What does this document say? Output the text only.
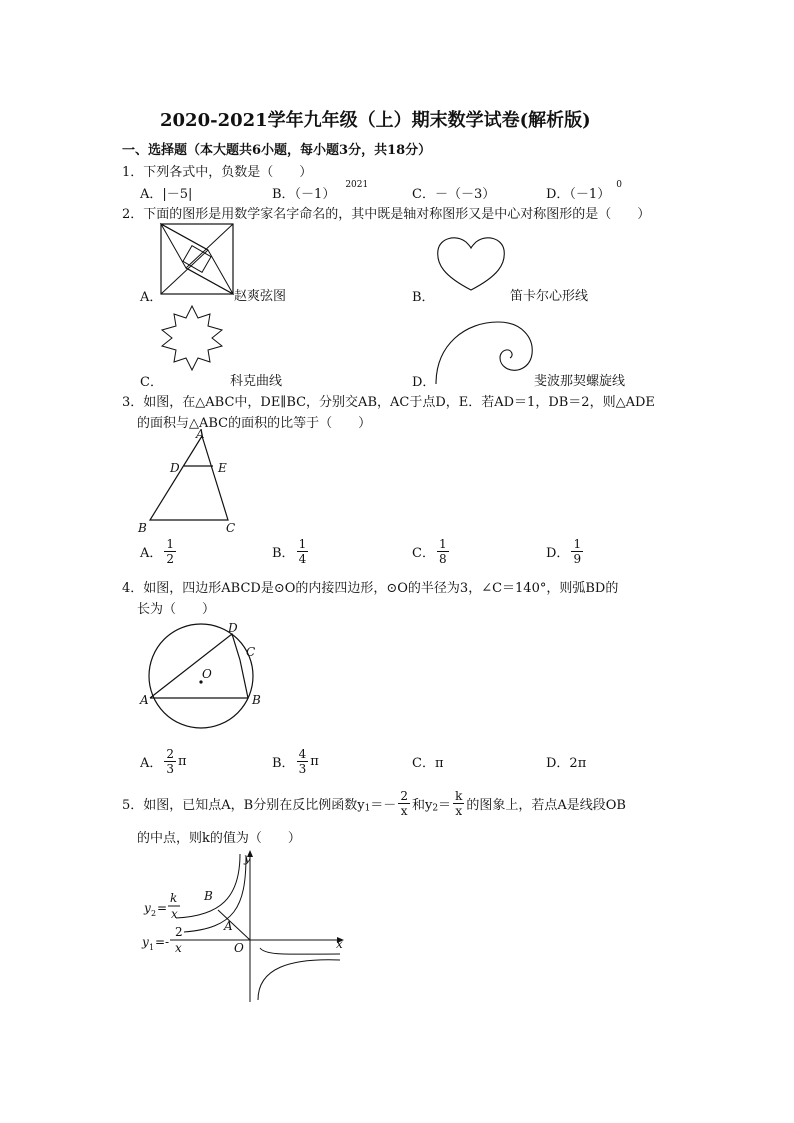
2020-2021学年九年级（上）期末数学试卷(解析版)
一、选择题（本大题共6小题，每小题3分，共18分）
1．下列各式中，负数是（　　）
A．|－5|	B．$(-1)^{2021}$
C．－（－3）	D．$(-1)^0$
2．下面的图形是用数学家名字命名的，其中既是轴对称图形又是中心对称图形的是（　　）
A．	赵爽弦图	B．	笛卡尔心形线
C．	科克曲线	D．	斐波那契螺旋线
3．如图，在△ABC中，DE∥BC，分别交AB，AC于点D，E．若AD＝1，DB＝2，则△ADE
的面积与△ABC的面积的比等于（　　）
A
D	E
B	C
A． $\frac{1}{2}$	B． $\frac{1}{4}$	C． $\frac{1}{8}$	D． $\frac{1}{9}$
4．如图，四边形ABCD是⊙O的内接四边形，⊙O的半径为3，∠C＝140°，则弧BD的
长为（　　）
O
A	B
C
D
A． $\frac{2}{3}$ π	B． $\frac{4}{3}$ π	C．π	D．2π
5．如图，已知点A，B分别在反比例函数$y_1=- \frac{2}{x}$ 和$y_2= \frac{k}{x}$ 的图象上，若点A是线段OB
的中点，则k的值为（　　）
y
x
O
A
B
y 2 =
k
x
y 1 =-
2
x
